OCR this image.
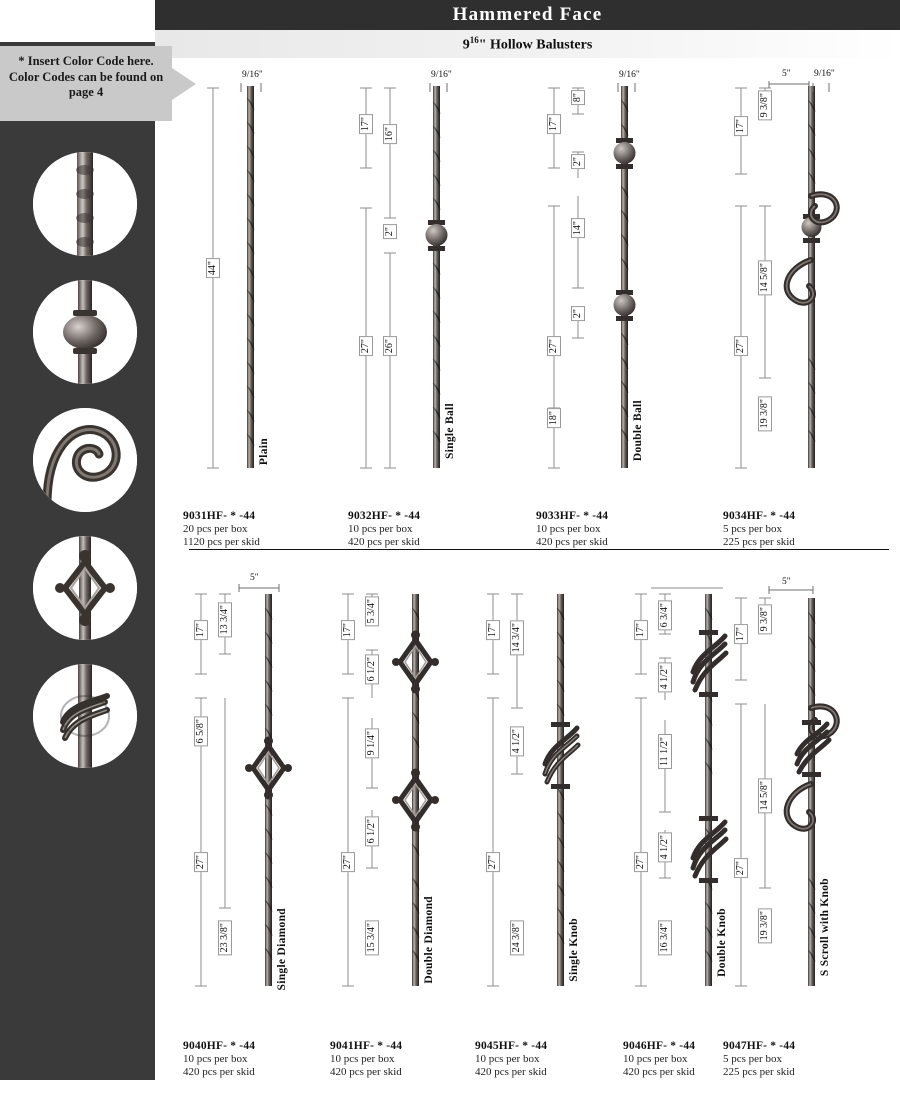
* Insert Color Code here. Color Codes can be found on page 4
Hammered Face
$9^{16}$" Hollow Balusters
9/16"
44"
Plain
9031HF- * -44
20 pcs per box
1120 pcs per skid
9/16"
17"
16"
2"
27" 26"
Single Ball
9032HF- * -44
10 pcs per box
420 pcs per skid
9/16"
8"
17"
2"
14"
2"
27"
18"	Double Ball
9033HF- * -44
10 pcs per box
420 pcs per skid
5" 9/16"
9 3/8"
17"
14 5/8"
27"
19 3/8"
9034HF- * -44
5 pcs per box
225 pcs per skid
5"
13 3/4"
17"
6 5/8"
27"
23 3/8"	Single Diamond
9040HF- * -44
10 pcs per box
420 pcs per skid
5 3/4"
17"
6 1/2"
9 1/4"
6 1/2"
27"
15 3/4"	Double Diamond
9041HF- * -44
10 pcs per box
420 pcs per skid
14 3/4"
17"
4 1/2"
27"
24 3/8"	Single Knob
9045HF- * -44
10 pcs per box
420 pcs per skid
6 3/4"
17"
4 1/2"
11 1/2"
4 1/2"
27"
16 3/4"	Double Knob
9046HF- * -44
10 pcs per box
420 pcs per skid
5"
9 3/8"
17"
14 5/8"
27"
19 3/8"	S Scroll with Knob
9047HF- * -44
5 pcs per box
225 pcs per skid
